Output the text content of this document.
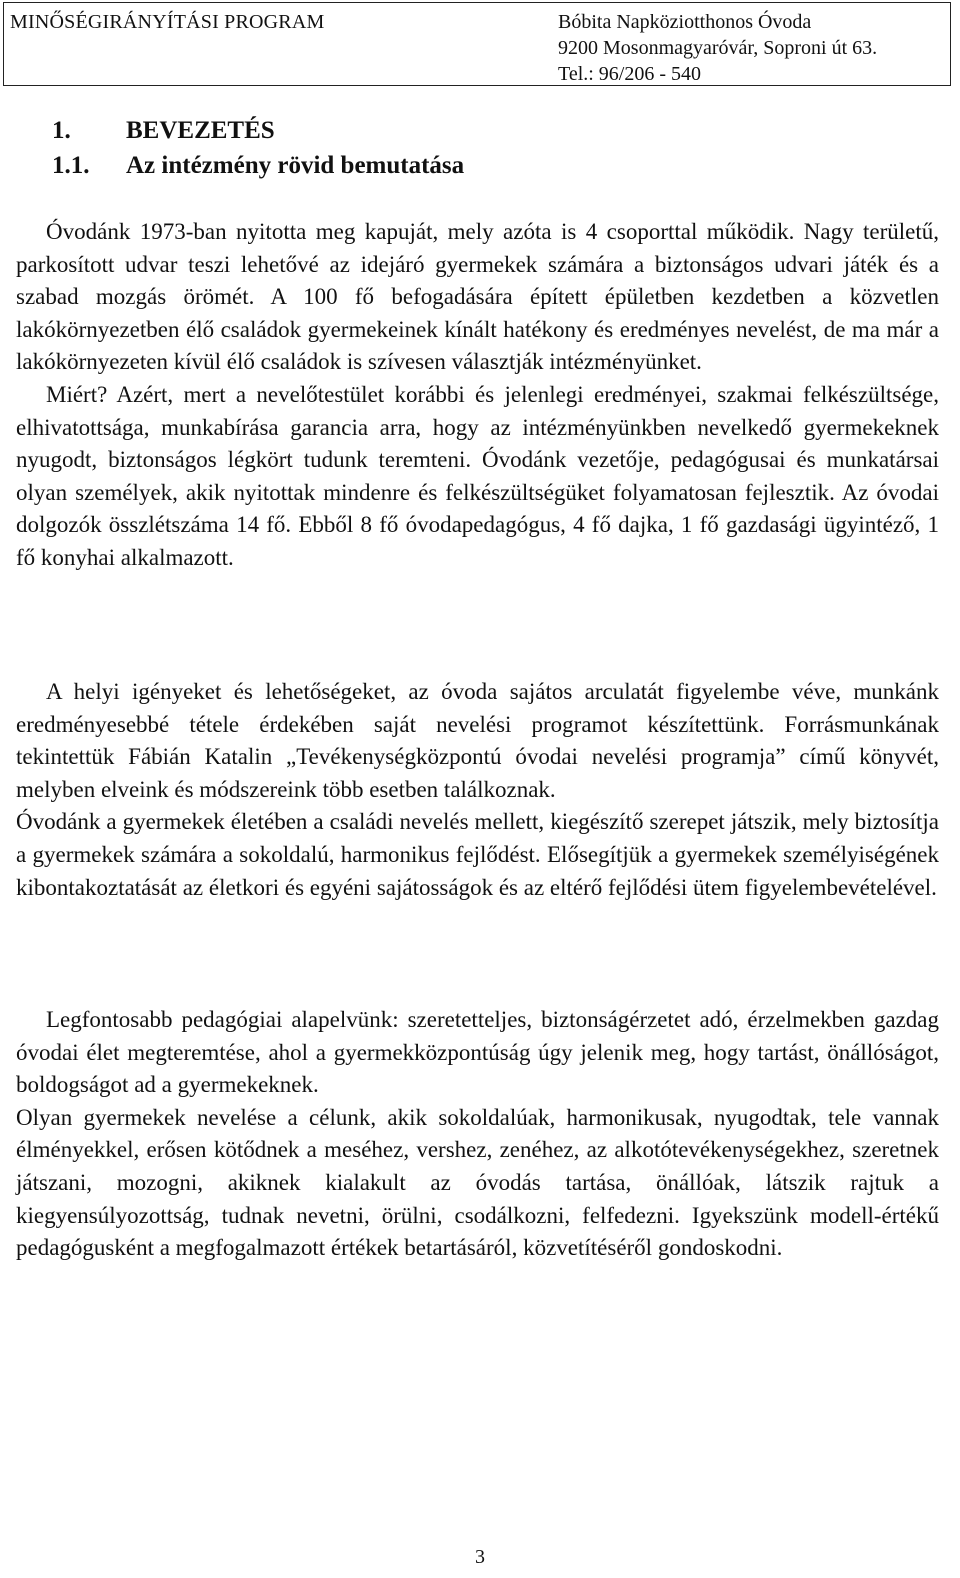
MINŐSÉGIRÁNYÍTÁSI PROGRAM	Bóbita Napköziotthonos Óvoda
9200 Mosonmagyaróvár, Soproni út 63.
Tel.: 96/206 - 540
1. BEVEZETÉS
1.1. Az intézmény rövid bemutatása

Óvodánk 1973-ban nyitotta meg kapuját, mely azóta is 4 csoporttal működik. Nagy területű, parkosított udvar teszi lehetővé az idejáró gyermekek számára a biztonságos udvari játék és a szabad mozgás örömét. A 100 fő befogadására épített épületben kezdetben a közvetlen lakókörnyezetben élő családok gyermekeinek kínált hatékony és eredményes nevelést, de ma már a lakókörnyezeten kívül élő családok is szívesen választják intézményünket.

Miért? Azért, mert a nevelőtestület korábbi és jelenlegi eredményei, szakmai felkészültsége, elhivatottsága, munkabírása garancia arra, hogy az intézményünkben nevelkedő gyermekeknek nyugodt, biztonságos légkört tudunk teremteni. Óvodánk vezetője, pedagógusai és munkatársai olyan személyek, akik nyitottak mindenre és felkészültségüket folyamatosan fejlesztik. Az óvodai dolgozók összlétszáma 14 fő. Ebből 8 fő óvodapedagógus, 4 fő dajka, 1 fő gazdasági ügyintéző, 1 fő konyhai alkalmazott.

A helyi igényeket és lehetőségeket, az óvoda sajátos arculatát figyelembe véve, munkánk eredményesebbé tétele érdekében saját nevelési programot készítettünk. Forrásmunkának tekintettük Fábián Katalin „Tevékenységközpontú óvodai nevelési programja” című könyvét, melyben elveink és módszereink több esetben találkoznak.

Óvodánk a gyermekek életében a családi nevelés mellett, kiegészítő szerepet játszik, mely biztosítja a gyermekek számára a sokoldalú, harmonikus fejlődést. Elősegítjük a gyermekek személyiségének kibontakoztatását az életkori és egyéni sajátosságok és az eltérő fejlődési ütem figyelembevételével.

Legfontosabb pedagógiai alapelvünk: szeretetteljes, biztonságérzetet adó, érzelmekben gazdag óvodai élet megteremtése, ahol a gyermekközpontúság úgy jelenik meg, hogy tartást, önállóságot, boldogságot ad a gyermekeknek.

Olyan gyermekek nevelése a célunk, akik sokoldalúak, harmonikusak, nyugodtak, tele vannak élményekkel, erősen kötődnek a meséhez, vershez, zenéhez, az alkotótevékenységekhez, szeretnek játszani, mozogni, akiknek kialakult az óvodás tartása, önállóak, látszik rajtuk a kiegyensúlyozottság, tudnak nevetni, örülni, csodálkozni, felfedezni. Igyekszünk modell-értékű pedagógusként a megfogalmazott értékek betartásáról, közvetítéséről gondoskodni.

3
